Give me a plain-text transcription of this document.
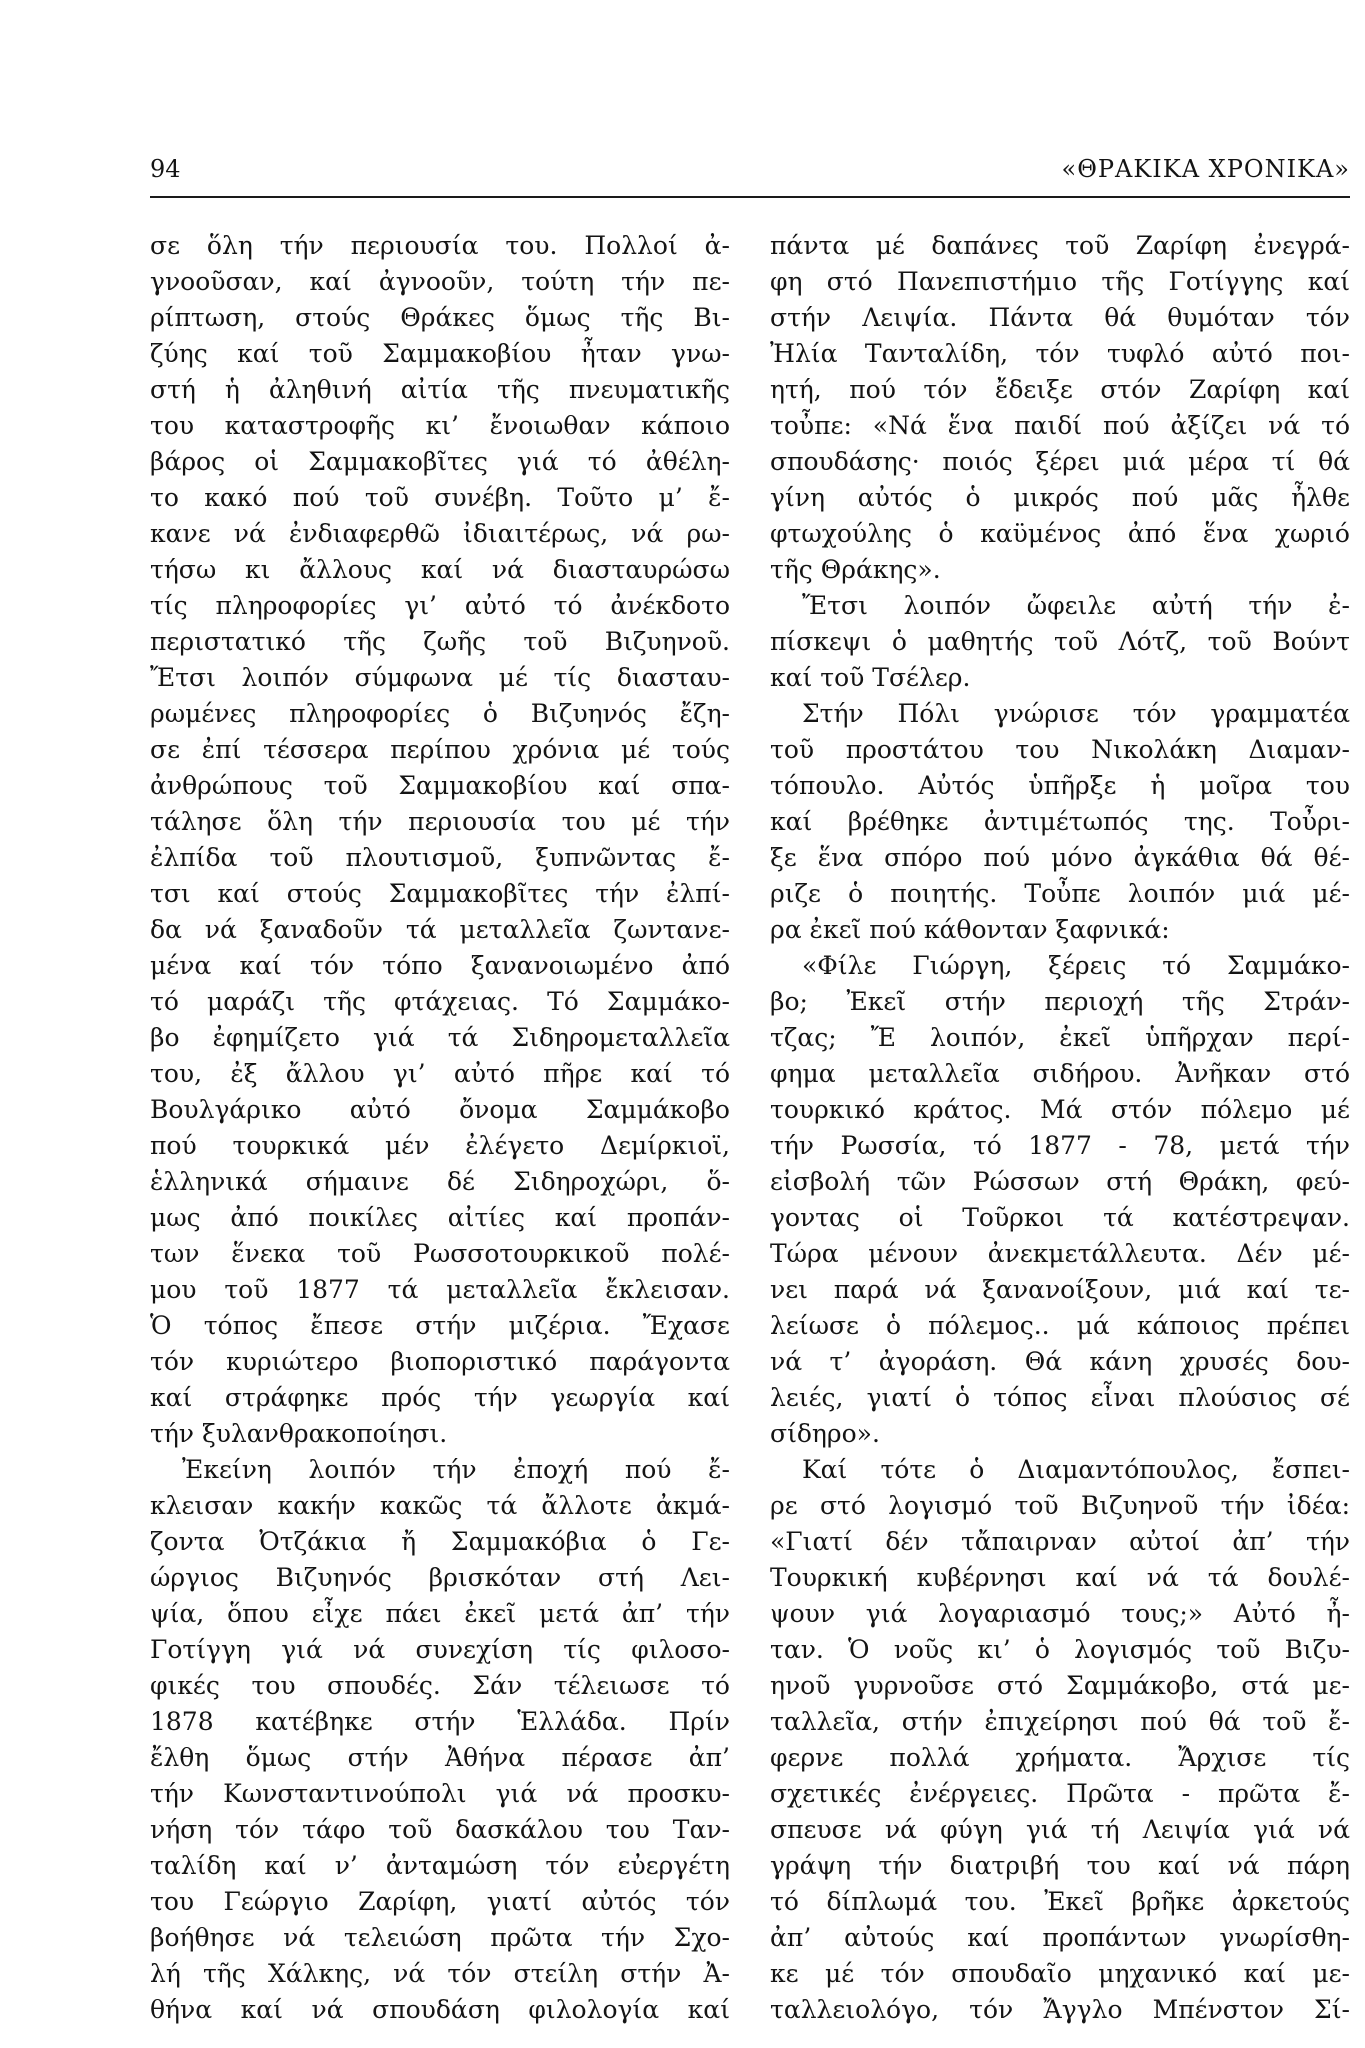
94	«ΘΡΑΚΙΚΑ ΧΡΟΝΙΚΑ»
σε ὅλη τήν περιουσία του. Πολλοί ἀ-
γνοοῦσαν, καί ἀγνοοῦν, τούτη τήν πε-
ρίπτωση, στούς Θράκες ὅμως τῆς Βι-
ζύης καί τοῦ Σαμμακοβίου ἦταν γνω-
στή ἡ ἀληθινή αἰτία τῆς πνευματικῆς
του καταστροφῆς κι’ ἔνοιωθαν κάποιο
βάρος οἱ Σαμμακοβῖτες γιά τό ἀθέλη-
το κακό πού τοῦ συνέβη. Τοῦτο μ’ ἔ-
κανε νά ἐνδιαφερθῶ ἰδιαιτέρως, νά ρω-
τήσω κι ἄλλους καί νά διασταυρώσω
τίς πληροφορίες γι’ αὐτό τό ἀνέκδοτο
περιστατικό τῆς ζωῆς τοῦ Βιζυηνοῦ.
Ἔτσι λοιπόν σύμφωνα μέ τίς διασταυ-
ρωμένες πληροφορίες ὁ Βιζυηνός ἔζη-
σε ἐπί τέσσερα περίπου χρόνια μέ τούς
ἀνθρώπους τοῦ Σαμμακοβίου καί σπα-
τάλησε ὅλη τήν περιουσία του μέ τήν
ἐλπίδα τοῦ πλουτισμοῦ, ξυπνῶντας ἔ-
τσι καί στούς Σαμμακοβῖτες τήν ἐλπί-
δα νά ξαναδοῦν τά μεταλλεῖα ζωντανε-
μένα καί τόν τόπο ξανανοιωμένο ἀπό
τό μαράζι τῆς φτάχειας. Τό Σαμμάκο-
βο ἐφημίζετο γιά τά Σιδηρομεταλλεῖα
του, ἐξ ἄλλου γι’ αὐτό πῆρε καί τό
Βουλγάρικο αὐτό ὄνομα Σαμμάκοβο
πού τουρκικά μέν ἐλέγετο Δεμίρκιοϊ,
ἑλληνικά σήμαινε δέ Σιδηροχώρι, ὅ-
μως ἀπό ποικίλες αἰτίες καί προπάν-
των ἕνεκα τοῦ Ρωσσοτουρκικοῦ πολέ-
μου τοῦ 1877 τά μεταλλεῖα ἔκλεισαν.
Ὁ τόπος ἔπεσε στήν μιζέρια. Ἔχασε
τόν κυριώτερο βιοποριστικό παράγοντα
καί στράφηκε πρός τήν γεωργία καί
τήν ξυλανθρακοποίησι.
Ἐκείνη λοιπόν τήν ἐποχή πού ἔ-
κλεισαν κακήν κακῶς τά ἄλλοτε ἀκμά-
ζοντα Ὀτζάκια ἤ Σαμμακόβια ὁ Γε-
ώργιος Βιζυηνός βρισκόταν στή Λει-
ψία, ὅπου εἶχε πάει ἐκεῖ μετά ἀπ’ τήν
Γοτίγγη γιά νά συνεχίση τίς φιλοσο-
φικές του σπουδές. Σάν τέλειωσε τό
1878 κατέβηκε στήν Ἑλλάδα. Πρίν
ἔλθη ὅμως στήν Ἀθήνα πέρασε ἀπ’
τήν Κωνσταντινούπολι γιά νά προσκυ-
νήση τόν τάφο τοῦ δασκάλου του Ταν-
ταλίδη καί ν’ ἀνταμώση τόν εὐεργέτη
του Γεώργιο Ζαρίφη, γιατί αὐτός τόν
βοήθησε νά τελειώση πρῶτα τήν Σχο-
λή τῆς Χάλκης, νά τόν στείλη στήν Ἀ-
θήνα καί νά σπουδάση φιλολογία καί
πάντα μέ δαπάνες τοῦ Ζαρίφη ἐνεγρά-
φη στό Πανεπιστήμιο τῆς Γοτίγγης καί
στήν Λειψία. Πάντα θά θυμόταν τόν
Ἠλία Τανταλίδη, τόν τυφλό αὐτό ποι-
ητή, πού τόν ἔδειξε στόν Ζαρίφη καί
τοὖπε: «Νά ἕνα παιδί πού ἀξίζει νά τό
σπουδάσης· ποιός ξέρει μιά μέρα τί θά
γίνη αὐτός ὁ μικρός πού μᾶς ἦλθε
φτωχούλης ὁ καϋμένος ἀπό ἕνα χωριό
τῆς Θράκης».
Ἔτσι λοιπόν ὤφειλε αὐτή τήν ἐ-
πίσκεψι ὁ μαθητής τοῦ Λότζ, τοῦ Βούντ
καί τοῦ Τσέλερ.
Στήν Πόλι γνώρισε τόν γραμματέα
τοῦ προστάτου του Νικολάκη Διαμαν-
τόπουλο. Αὐτός ὑπῆρξε ἡ μοῖρα του
καί βρέθηκε ἀντιμέτωπός της. Τοὖρι-
ξε ἕνα σπόρο πού μόνο ἀγκάθια θά θέ-
ριζε ὁ ποιητής. Τοὖπε λοιπόν μιά μέ-
ρα ἐκεῖ πού κάθονταν ξαφνικά:
«Φίλε Γιώργη, ξέρεις τό Σαμμάκο-
βο; Ἐκεῖ στήν περιοχή τῆς Στράν-
τζας; Ἔ λοιπόν, ἐκεῖ ὑπῆρχαν περί-
φημα μεταλλεῖα σιδήρου. Ἀνῆκαν στό
τουρκικό κράτος. Μά στόν πόλεμο μέ
τήν Ρωσσία, τό 1877 - 78, μετά τήν
εἰσβολή τῶν Ρώσσων στή Θράκη, φεύ-
γοντας οἱ Τοῦρκοι τά κατέστρεψαν.
Τώρα μένουν ἀνεκμετάλλευτα. Δέν μέ-
νει παρά νά ξανανοίξουν, μιά καί τε-
λείωσε ὁ πόλεμος.. μά κάποιος πρέπει
νά τ’ ἀγοράση. Θά κάνη χρυσές δου-
λειές, γιατί ὁ τόπος εἶναι πλούσιος σέ
σίδηρο».
Καί τότε ὁ Διαμαντόπουλος, ἔσπει-
ρε στό λογισμό τοῦ Βιζυηνοῦ τήν ἰδέα:
«Γιατί δέν τἄπαιρναν αὐτοί ἀπ’ τήν
Τουρκική κυβέρνησι καί νά τά δουλέ-
ψουν γιά λογαριασμό τους;» Αὐτό ἦ-
ταν. Ὁ νοῦς κι’ ὁ λογισμός τοῦ Βιζυ-
ηνοῦ γυρνοῦσε στό Σαμμάκοβο, στά με-
ταλλεῖα, στήν ἐπιχείρησι πού θά τοῦ ἔ-
φερνε πολλά χρήματα. Ἄρχισε τίς
σχετικές ἐνέργειες. Πρῶτα - πρῶτα ἔ-
σπευσε νά φύγη γιά τή Λειψία γιά νά
γράψη τήν διατριβή του καί νά πάρη
τό δίπλωμά του. Ἐκεῖ βρῆκε ἀρκετούς
ἀπ’ αὐτούς καί προπάντων γνωρίσθη-
κε μέ τόν σπουδαῖο μηχανικό καί με-
ταλλειολόγο, τόν Ἄγγλο Μπένστον Σί-
